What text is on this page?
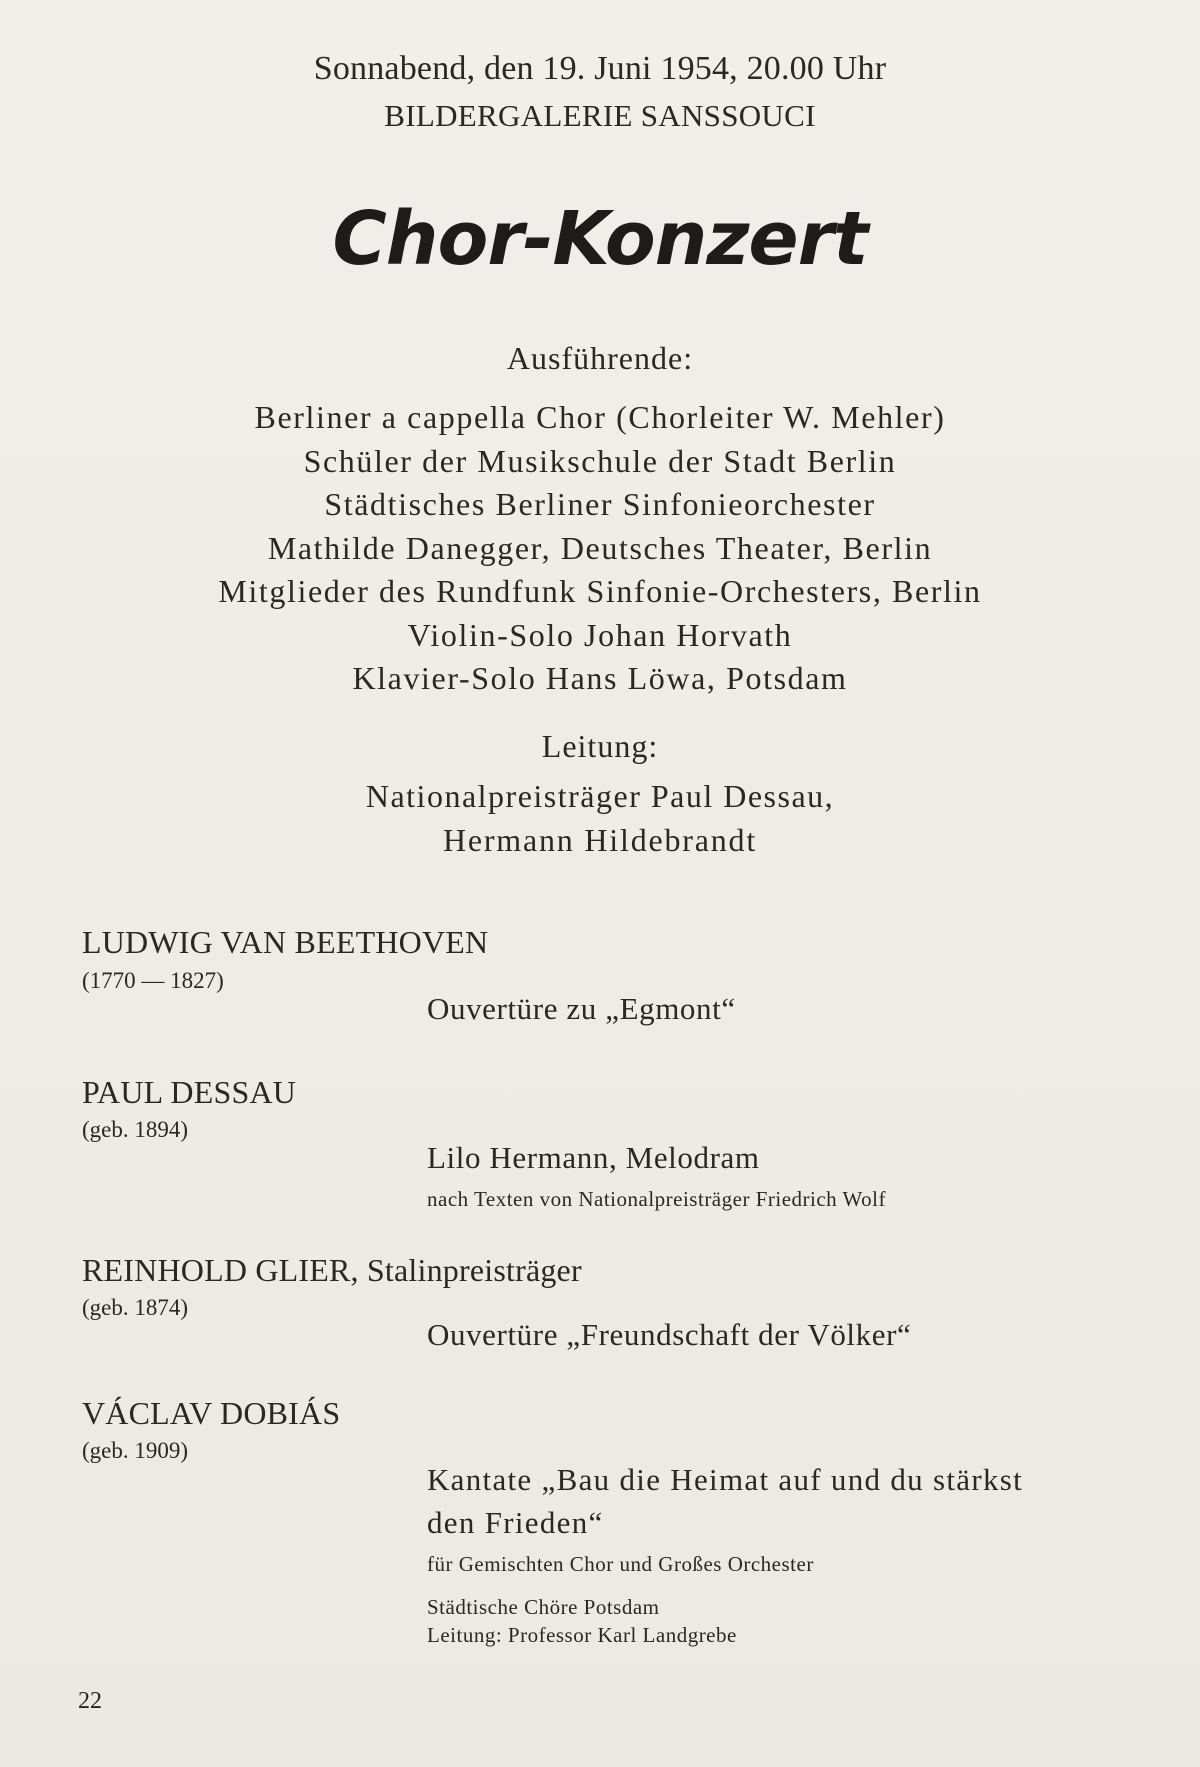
Sonnabend, den 19. Juni 1954, 20.00 Uhr
BILDERGALERIE SANSSOUCI
Chor-Konzert
Ausführende:
Berliner a cappella Chor (Chorleiter W. Mehler)
Schüler der Musikschule der Stadt Berlin
Städtisches Berliner Sinfonieorchester
Mathilde Danegger, Deutsches Theater, Berlin
Mitglieder des Rundfunk Sinfonie-Orchesters, Berlin
Violin-Solo Johan Horvath
Klavier-Solo Hans Löwa, Potsdam
Leitung:
Nationalpreisträger Paul Dessau,
Hermann Hildebrandt
LUDWIG VAN BEETHOVEN
(1770 — 1827)
Ouvertüre zu „Egmont“
PAUL DESSAU
(geb. 1894)
Lilo Hermann, Melodram
nach Texten von Nationalpreisträger Friedrich Wolf
REINHOLD GLIER, Stalinpreisträger
(geb. 1874)
Ouvertüre „Freundschaft der Völker“
VÁCLAV DOBIÁS
(geb. 1909)
Kantate „Bau die Heimat auf und du stärkst
den Frieden“
für Gemischten Chor und Großes Orchester
Städtische Chöre Potsdam
Leitung: Professor Karl Landgrebe
22
